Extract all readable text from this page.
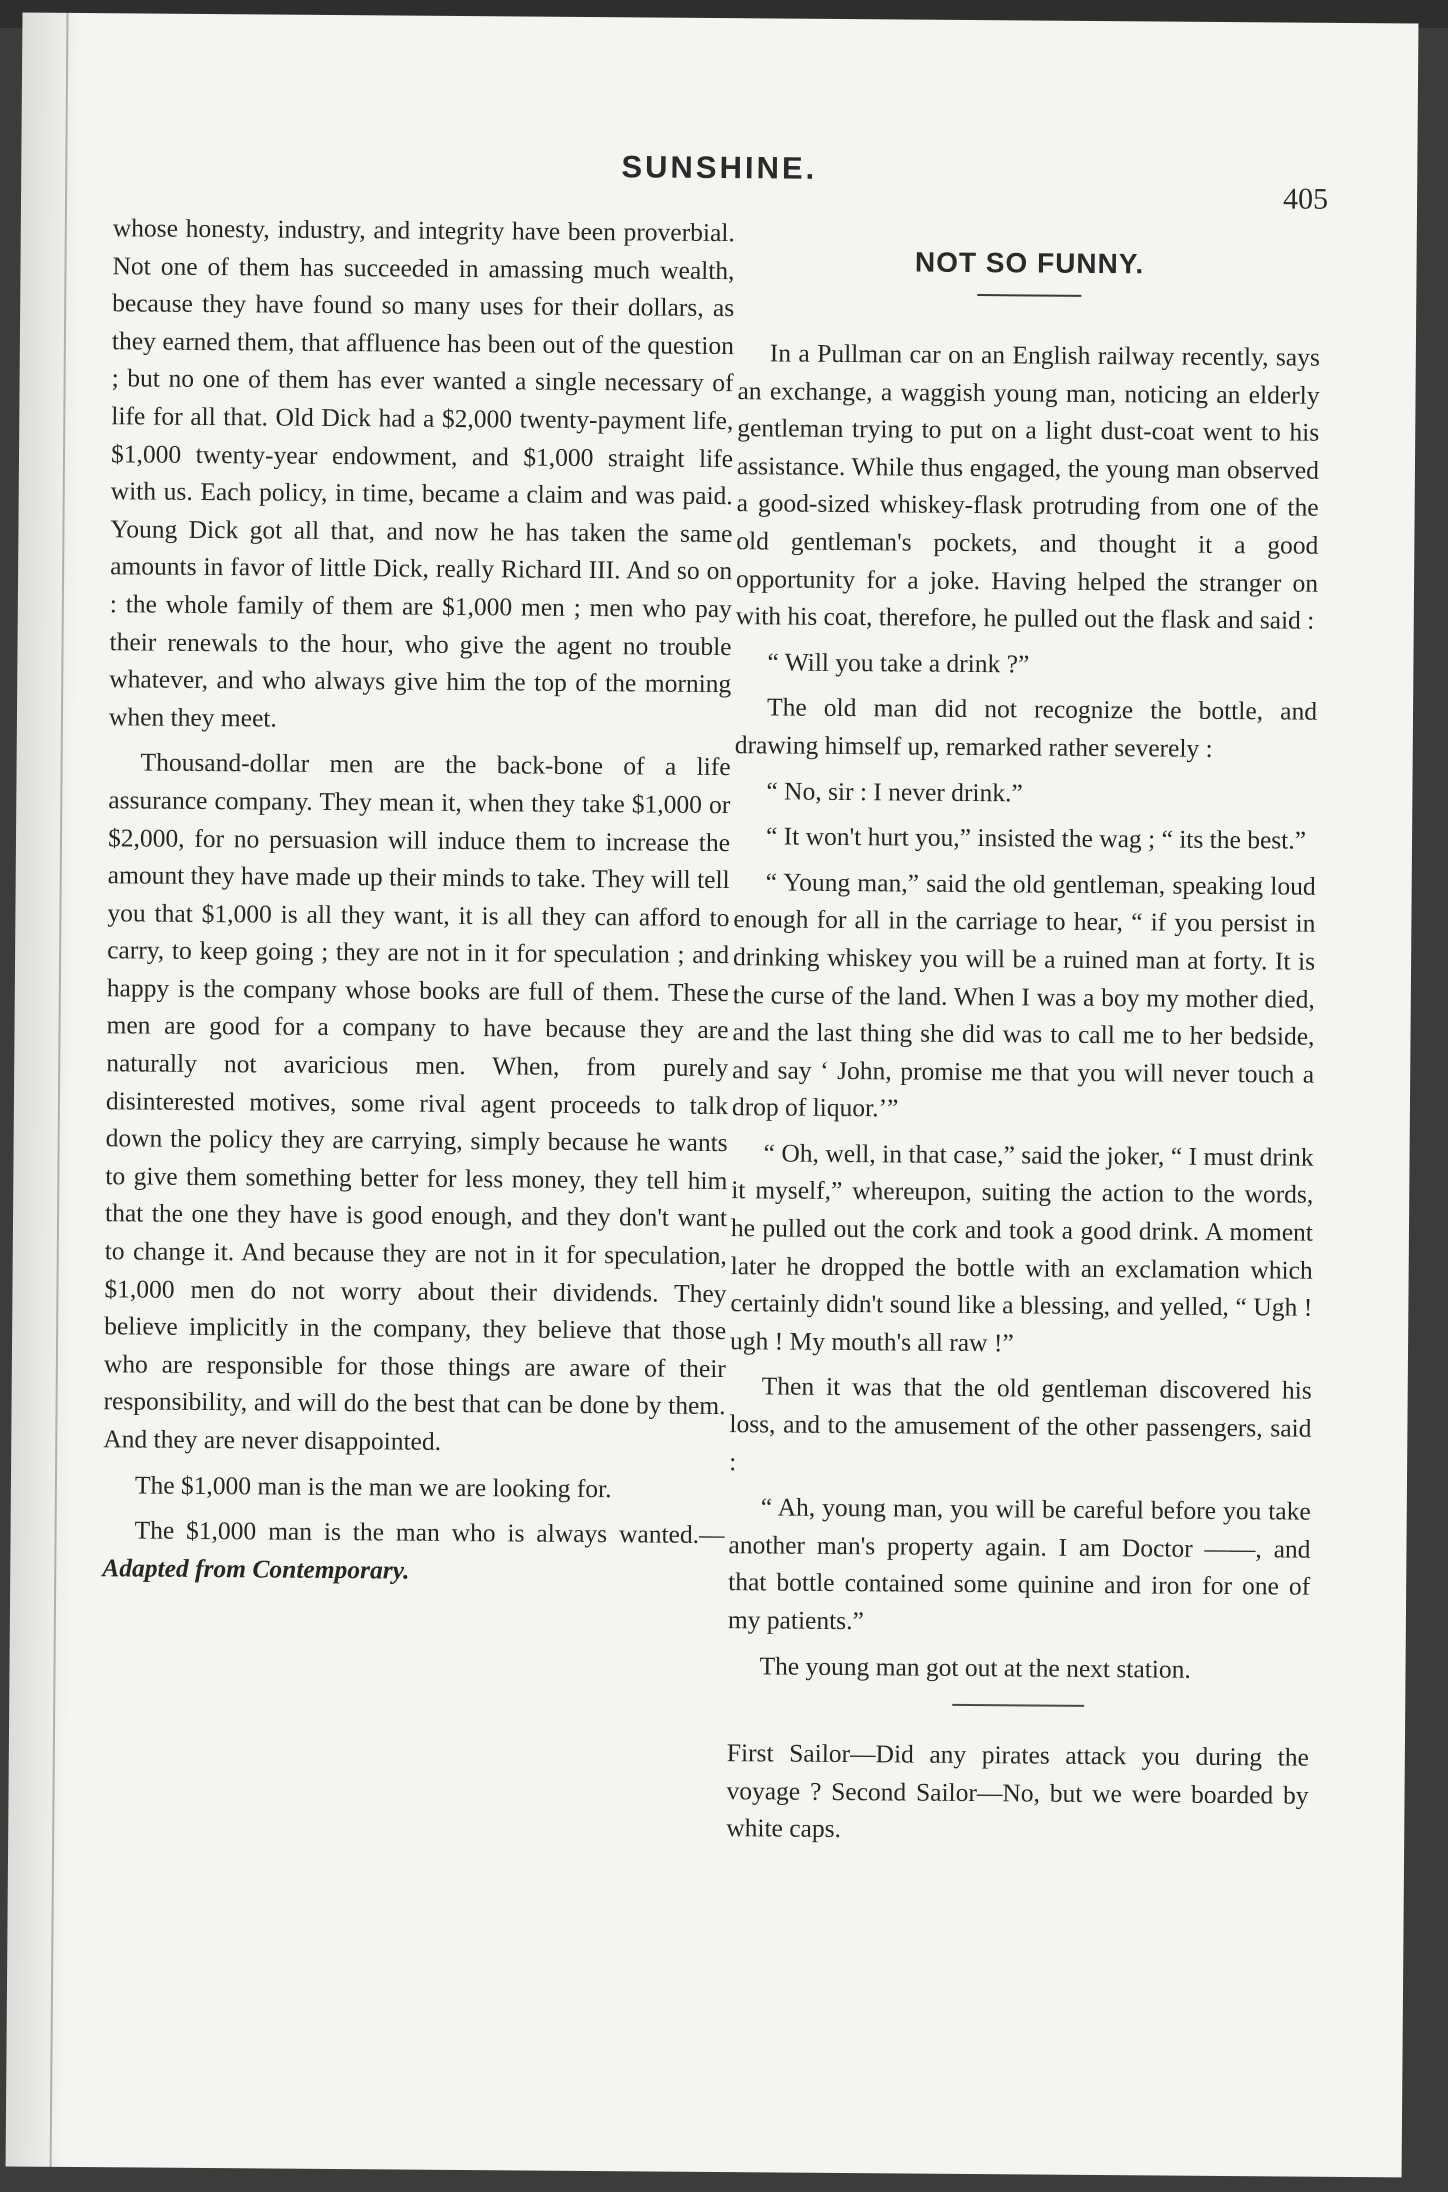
SUNSHINE.
405

whose honesty, industry, and integrity have been proverbial. Not one of them has succeeded in amassing much wealth, because they have found so many uses for their dollars, as they earned them, that affluence has been out of the question ; but no one of them has ever wanted a single necessary of life for all that. Old Dick had a $2,000 twenty-payment life, $1,000 twenty-year endowment, and $1,000 straight life with us. Each policy, in time, became a claim and was paid. Young Dick got all that, and now he has taken the same amounts in favor of little Dick, really Richard III. And so on : the whole family of them are $1,000 men ; men who pay their renewals to the hour, who give the agent no trouble whatever, and who always give him the top of the morning when they meet.

Thousand-dollar men are the back-bone of a life assurance company. They mean it, when they take $1,000 or $2,000, for no persuasion will induce them to increase the amount they have made up their minds to take. They will tell you that $1,000 is all they want, it is all they can afford to carry, to keep going ; they are not in it for speculation ; and happy is the company whose books are full of them. These men are good for a company to have because they are naturally not avaricious men. When, from purely disinterested motives, some rival agent proceeds to talk down the policy they are carrying, simply because he wants to give them something better for less money, they tell him that the one they have is good enough, and they don't want to change it. And because they are not in it for speculation, $1,000 men do not worry about their dividends. They believe implicitly in the company, they believe that those who are responsible for those things are aware of their responsibility, and will do the best that can be done by them. And they are never disappointed.

The $1,000 man is the man we are looking for.

The $1,000 man is the man who is always wanted.—Adapted from Contemporary.

NOT SO FUNNY.

In a Pullman car on an English railway recently, says an exchange, a waggish young man, noticing an elderly gentleman trying to put on a light dust-coat went to his assistance. While thus engaged, the young man observed a good-sized whiskey-flask protruding from one of the old gentleman's pockets, and thought it a good opportunity for a joke. Having helped the stranger on with his coat, therefore, he pulled out the flask and said :

“ Will you take a drink ?”

The old man did not recognize the bottle, and drawing himself up, remarked rather severely :

“ No, sir : I never drink.”

“ It won't hurt you,” insisted the wag ; “ its the best.”

“ Young man,” said the old gentleman, speaking loud enough for all in the carriage to hear, “ if you persist in drinking whiskey you will be a ruined man at forty. It is the curse of the land. When I was a boy my mother died, and the last thing she did was to call me to her bedside, and say ‘ John, promise me that you will never touch a drop of liquor.’”

“ Oh, well, in that case,” said the joker, “ I must drink it myself,” whereupon, suiting the action to the words, he pulled out the cork and took a good drink. A moment later he dropped the bottle with an exclamation which certainly didn't sound like a blessing, and yelled, “ Ugh ! ugh ! My mouth's all raw !”

Then it was that the old gentleman discovered his loss, and to the amusement of the other passengers, said :

“ Ah, young man, you will be careful before you take another man's property again. I am Doctor ——, and that bottle contained some quinine and iron for one of my patients.”

The young man got out at the next station.

First Sailor—Did any pirates attack you during the voyage ? Second Sailor—No, but we were boarded by white caps.
